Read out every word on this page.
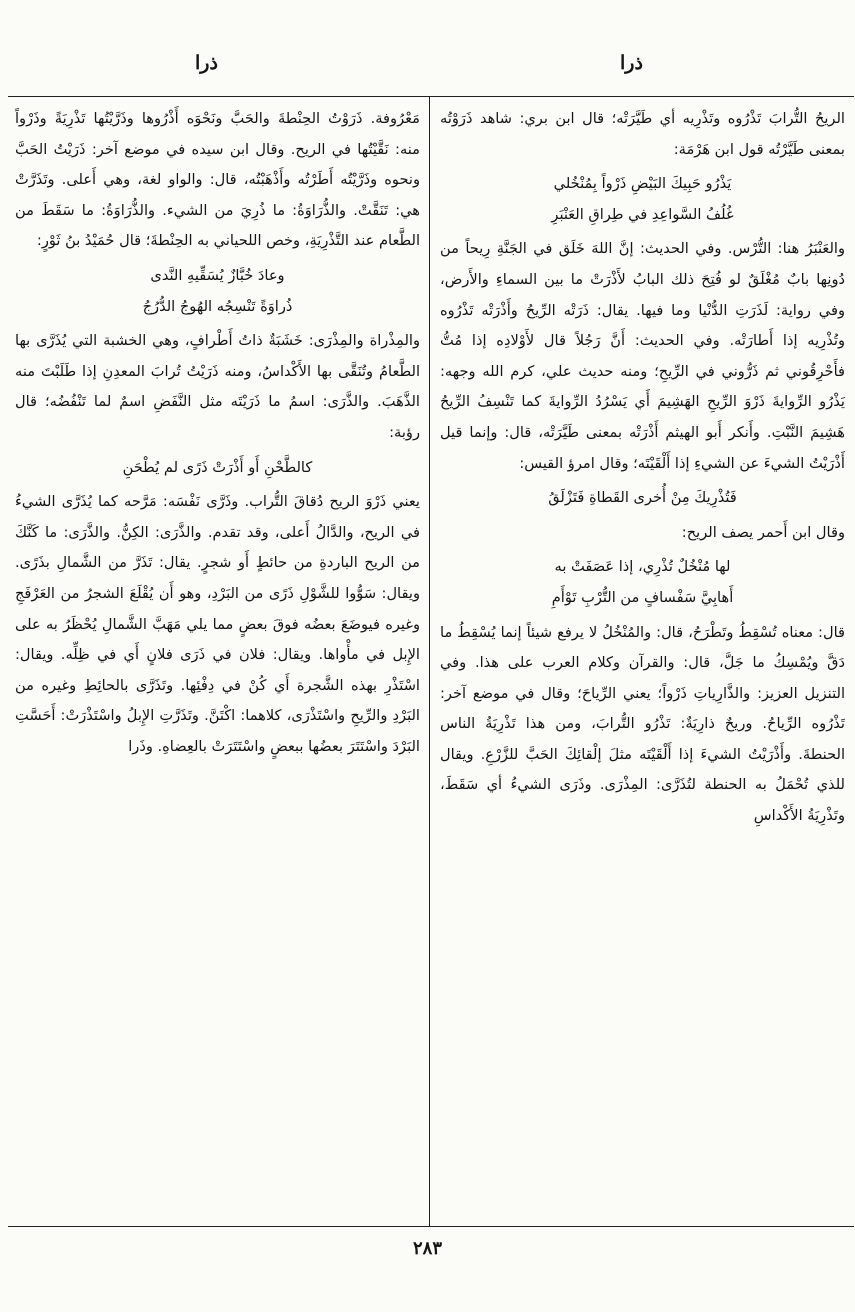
ذرا
ذرا

الريحُ التُّرابَ تَذْرُوه وتَذْرِيه أي طَيَّرَتْه؛ قال ابن بري: شاهد ذَرَوْتُه بمعنى طَيَّرْتُه قول ابن هَرْمَة:

يَذْرُو حَبِيكَ البَيْضِ ذَرْواً بِمُنْخُلي
غُلُفُ السَّواعِدِ في طِراقِ العَنْبَرِ

والعَنْبَرُ هنا: التُّرْس. وفي الحديث: إنَّ اللهَ خَلَق في الجَنَّةِ رِيحاً من دُونِها بابٌ مُغْلَقٌ لو فُتِحَ ذلك البابُ لأَذْرَتْ ما بين السماءِ والأَرض، وفي رواية: لَذَرَتِ الدُّنْيا وما فيها. يقال: ذَرَتْه الرِّيحُ وأَذْرَتْه تَذْرُوه وتُذْرِيه إذا أَطارَتْه. وفي الحديث: أَنَّ رَجُلاً قال لأَوْلادِه إذا مُتُّ فأَحْرِقُوني ثم ذَرُّوني في الرِّيحِ؛ ومنه حديث علي، كرم الله وجهه: يَذْرُو الرِّوايةَ ذَرْوَ الرِّيحِ الهَشِيمَ أَي يَسْرُدُ الرِّوايةَ كما تَنْسِفُ الرِّيحُ هَشِيمَ النَّبْتِ. وأَنكر أَبو الهيثم أَذْرَتْه بمعنى طَيَّرَتْه، قال: وإنما قيل أَذْرَيْتُ الشيءَ عن الشيءِ إذا أَلْقَيْتَه؛ وقال امرؤ القيس:

فَتُذْرِيكَ مِنْ أُخرى القَطاةِ فَتَزْلَقُ

وقال ابن أَحمر يصف الريح:

لها مُنْخُلٌ تُذْرِي، إذا عَصَفَتْ به
أَهابِيَّ سَفْسافٍ من التُّرْبِ تَوْأَمِ

قال: معناه تُسْقِطُ وتَطْرَحُ، قال: والمُنْخُلُ لا يرفع شيئاً إنما يُسْقِطُ ما دَقَّ ويُمْسِكُ ما جَلَّ، قال: والقرآن وكلام العرب على هذا. وفي التنزيل العزيز: والذَّارِياتِ ذَرْواً؛ يعني الرِّياحَ؛ وقال في موضع آخر: تَذْرُوه الرِّياحُ. وريحٌ ذارِيَةٌ: تَذْرُو التُّرابَ، ومن هذا تَذْرِيَةُ الناس الحنطةَ. وأَذْرَيْتُ الشيءَ إذا أَلْقَيْتَه مثلَ إلْقائِكَ الحَبَّ للزَّرْعِ. ويقال للذي تُحْمَلُ به الحنطة لتُذَرَّى: المِذْرَى. وذَرَى الشيءُ أي سَقَطَ، وتَذْرِيَةُ الأَكْداسِ

مَعْرُوفة. ذَرَوْتُ الحِنْطةَ والحَبَّ ونَحْوَه أَذْرُوها وذَرَّيْتُها تَذْرِيَةً وذَرْواً منه: نَقَّيْتُها في الريح. وقال ابن سيده في موضع آخر: ذَرَيْتُ الحَبَّ ونحوه وذَرَّيْتُه أَطَرْتُه وأَذْهَبْتُه، قال: والواو لغة، وهي أَعلى. وتَذَرَّتْ هي: تَنَقَّتْ. والذُّرَاوَةُ: ما ذُرِيَ من الشيء. والذُّرَاوَةُ: ما سَقَطَ من الطَّعام عند التَّذْرِيَةِ، وخص اللحياني به الحِنْطةَ؛ قال حُمَيْدُ بنُ ثَوْرٍ:

وعادَ خُبَّازٌ يُسَقِّيهِ النَّدى
ذُراوَةً تَنْسِجُه الهُوجُ الدُّرُجُ

والمِذْراة والمِذْرَى: خَشَبَةٌ ذاتُ أَطْرافٍ، وهي الخشبة التي يُذَرَّى بها الطَّعامُ وتُنَقَّى بها الأَكْداسُ، ومنه ذَرَيْتُ تُرابَ المعدِنِ إذا طَلَبْتَ منه الذَّهَبَ. والذَّرَى: اسمُ ما ذَرَيْتَه مثل النَّفَضِ اسمٌ لما تَنْفُضُه؛ قال رؤبة:

كالطَّحْنِ أَو أَذْرَتْ ذَرًى لم يُطْحَنِ

يعني ذَرْوَ الريح دُقاقَ التُّراب. وذَرَّى نَفْسَه: مَرَّحه كما يُذَرَّى الشيءُ في الريح، والدَّالُ أَعلى، وقد تقدم. والذَّرَى: الكِنُّ. والذَّرَى: ما كَنَّكَ من الريح الباردةِ من حائطٍ أَو شجرٍ. يقال: تَذَرَّ من الشَّمالِ بذَرًى. ويقال: سَوُّوا للشَّوْلِ ذَرًى من البَرْدِ، وهو أَن يُقْلَعَ الشجرُ من العَرْفَجِ وغيره فيوضَعَ بعضُه فوقَ بعضٍ مما يلي مَهَبَّ الشَّمالِ يُحْظَرُ به على الإِبل في مأْواها. ويقال: فلان في ذَرَى فلانٍ أَي في ظِلِّه. ويقال: اسْتَذْرِ بهذه الشَّجرة أَي كُنْ في دِفْئِها. وتَذَرَّى بالحائِطِ وغيره من البَرْدِ والرِّيحِ واسْتَذْرَى، كلاهما: اكْتَنَّ. وتَذَرَّتِ الإِبلُ واسْتَذْرَتْ: أَحَسَّتِ البَرْدَ واسْتَتَرَ بعضُها ببعضٍ واسْتَتَرَتْ بالعِضاهِ. وذَرا

٢٨٣
